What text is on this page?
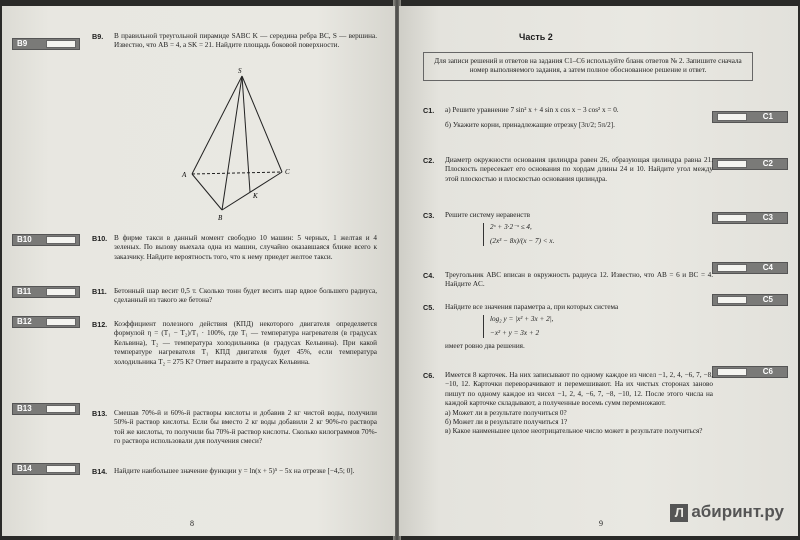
B9
B10
B11
B12
B13
B14
B9. В правильной треугольной пирамиде SABC K — середина ребра BC, S — вершина. Известно, что AB = 4, а SK = 21. Найдите площадь боковой поверхности.
S
A	C
B
K
B10. В фирме такси в данный момент свободно 10 машин: 5 черных, 1 желтая и 4 зеленых. По вызову выехала одна из машин, случайно оказавшаяся ближе всего к заказчику. Найдите вероятность того, что к нему приедет желтое такси.
B11. Бетонный шар весит 0,5 т. Сколько тонн будет весить шар вдвое большего радиуса, сделанный из такого же бетона?
B12. Коэффициент полезного действия (КПД) некоторого двигателя определяется формулой η = (T₁ − T₂)/T₁ · 100%, где T₁ — температура нагревателя (в градусах Кельвина), T₂ — температура холодильника (в градусах Кельвина). При какой температуре нагревателя T₁ КПД двигателя будет 45%, если температура холодильника T₂ = 275 K? Ответ выразите в градусах Кельвина.
B13. Смешав 70%-й и 60%-й растворы кислоты и добавив 2 кг чистой воды, получили 50%-й раствор кислоты. Если бы вместо 2 кг воды добавили 2 кг 90%-го раствора той же кислоты, то получили бы 70%-й раствор кислоты. Сколько килограммов 70%-го раствора использовали для получения смеси?
B14. Найдите наибольшее значение функции y = ln(x + 5)⁵ − 5x на отрезке [−4,5; 0].
8
Часть 2
Для записи решений и ответов на задания С1–С6 используйте бланк ответов № 2. Запишите сначала номер выполняемого задания, а затем полное обоснованное решение и ответ.
C1
C2
C3
C4
C5
C6
C1. а) Решите уравнение 7 sin² x + 4 sin x cos x − 3 cos² x = 0.
б) Укажите корни, принадлежащие отрезку [3π/2; 5π/2].
C2. Диаметр окружности основания цилиндра равен 26, образующая цилиндра равна 21. Плоскость пересекает его основания по хордам длины 24 и 10. Найдите угол между этой плоскостью и плоскостью основания цилиндра.
C3. Решите систему неравенств
2ˣ + 3·2⁻ˣ ≤ 4,
(2x³ − 8x)/(x − 7) < x.
C4. Треугольник ABC вписан в окружность радиуса 12. Известно, что AB = 6 и BC = 4. Найдите AC.
C5. Найдите все значения параметра a, при которых система
log₂ y = |x² + 3x + 2|,
−x² + y = 3x + 2
имеет ровно два решения.
C6. Имеется 8 карточек. На них записывают по одному каждое из чисел −1, 2, 4, −6, 7, −8, −10, 12. Карточки переворачивают и перемешивают. На их чистых сторонах заново пишут по одному каждое из чисел −1, 2, 4, −6, 7, −8, −10, 12. После этого числа на каждой карточке складывают, а полученные восемь сумм перемножают.
а) Может ли в результате получиться 0?
б) Может ли в результате получиться 1?
в) Какое наименьшее целое неотрицательное число может в результате получиться?
9
Л абиринт.ру
